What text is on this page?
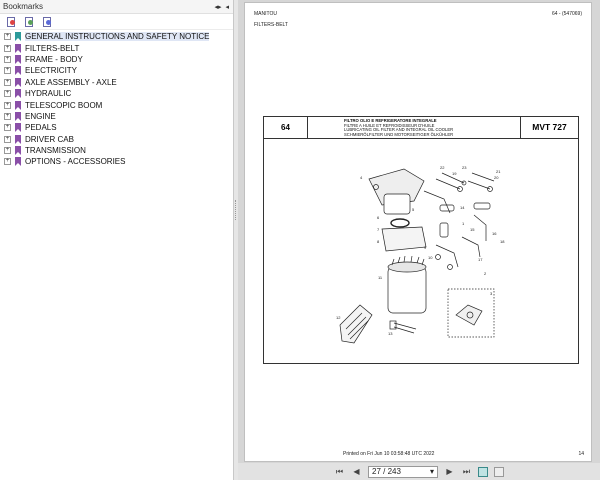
Bookmarks	◂▸ ◂
+ GENERAL INSTRUCTIONS AND SAFETY NOTICE
+ FILTERS-BELT
+ FRAME - BODY
+ ELECTRICITY
+ AXLE ASSEMBLY - AXLE
+ HYDRAULIC
+ TELESCOPIC BOOM
+ ENGINE
+ PEDALS
+ DRIVER CAB
+ TRANSMISSION
+ OPTIONS - ACCESSORIES
MANITOU	64 - (547069)
FILTERS-BELT
64
FILTRO OLIO E REFRIGERATORE INTEGRALE
FILTRE A HUILE ET REFROIDISSEUR D'HUILE
LUBRICATING OIL FILTER AND INTEGRAL OIL COOLER
SCHMIERÖLFILTER UND MOTORSEITIGER ÖLKÜHLER
MVT 727
4
5
6
7
8
9
10
11
12
13
14
15
16
17
18
19
20
21
22	23
1
2
3
Printed on Fri Jun 10 03:58:48 UTC 2022	14
⏮	◀	27 / 243	▾	▶	⏭
